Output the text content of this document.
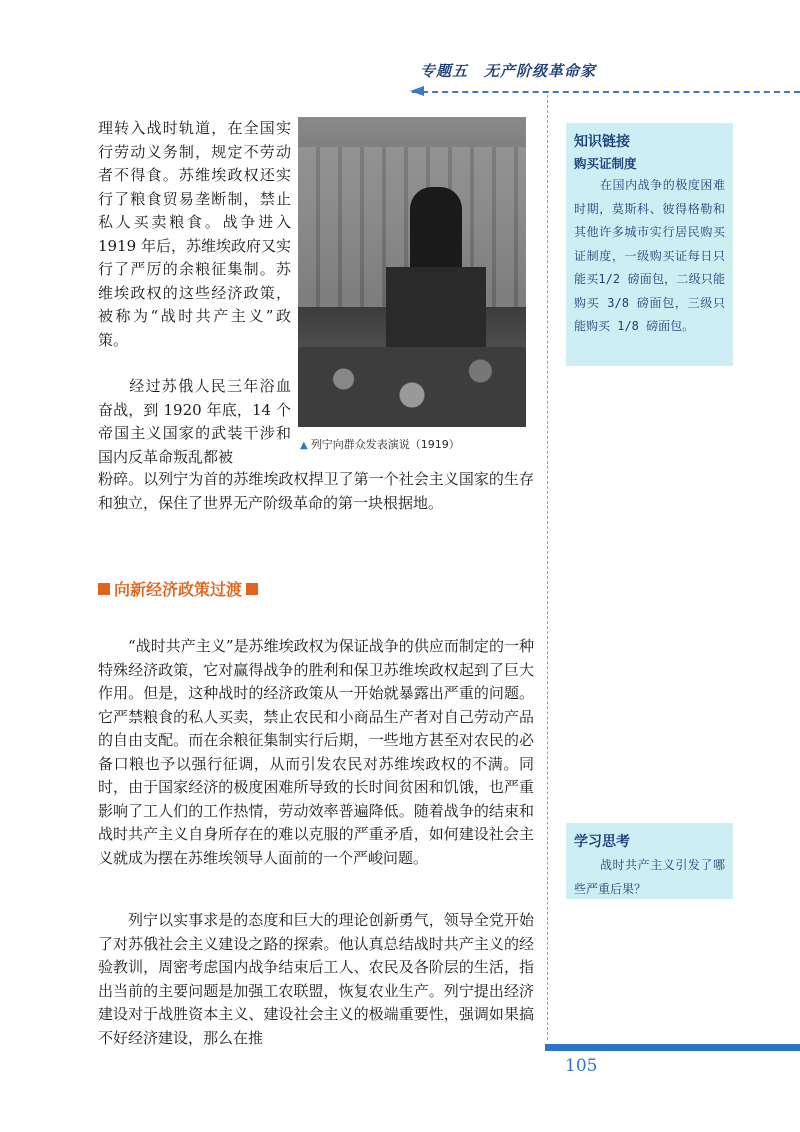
专题五　无产阶级革命家

理转入战时轨道，在全国实行劳动义务制，规定不劳动者不得食。苏维埃政权还实行了粮食贸易垄断制，禁止私人买卖粮食。战争进入 1919 年后，苏维埃政府又实行了严厉的余粮征集制。苏维埃政权的这些经济政策，被称为“战时共产主义”政策。

经过苏俄人民三年浴血奋战，到 1920 年底，14 个帝国主义国家的武装干涉和国内反革命叛乱都被

粉碎。以列宁为首的苏维埃政权捍卫了第一个社会主义国家的生存和独立，保住了世界无产阶级革命的第一块根据地。

▲ 列宁向群众发表演说（1919）
向新经济政策过渡

“战时共产主义”是苏维埃政权为保证战争的供应而制定的一种特殊经济政策，它对赢得战争的胜利和保卫苏维埃政权起到了巨大作用。但是，这种战时的经济政策从一开始就暴露出严重的问题。它严禁粮食的私人买卖，禁止农民和小商品生产者对自己劳动产品的自由支配。而在余粮征集制实行后期，一些地方甚至对农民的必备口粮也予以强行征调，从而引发农民对苏维埃政权的不满。同时，由于国家经济的极度困难所导致的长时间贫困和饥饿，也严重影响了工人们的工作热情，劳动效率普遍降低。随着战争的结束和战时共产主义自身所存在的难以克服的严重矛盾，如何建设社会主义就成为摆在苏维埃领导人面前的一个严峻问题。

列宁以实事求是的态度和巨大的理论创新勇气，领导全党开始了对苏俄社会主义建设之路的探索。他认真总结战时共产主义的经验教训，周密考虑国内战争结束后工人、农民及各阶层的生活，指出当前的主要问题是加强工农联盟，恢复农业生产。列宁提出经济建设对于战胜资本主义、建设社会主义的极端重要性，强调如果搞不好经济建设，那么在推

知识链接
购买证制度
在国内战争的极度困难时期，莫斯科、彼得格勒和其他许多城市实行居民购买证制度，一级购买证每日只能买1/2 磅面包，二级只能购买 3/8 磅面包，三级只能购买 1/8 磅面包。
学习思考
战时共产主义引发了哪些严重后果？
105
